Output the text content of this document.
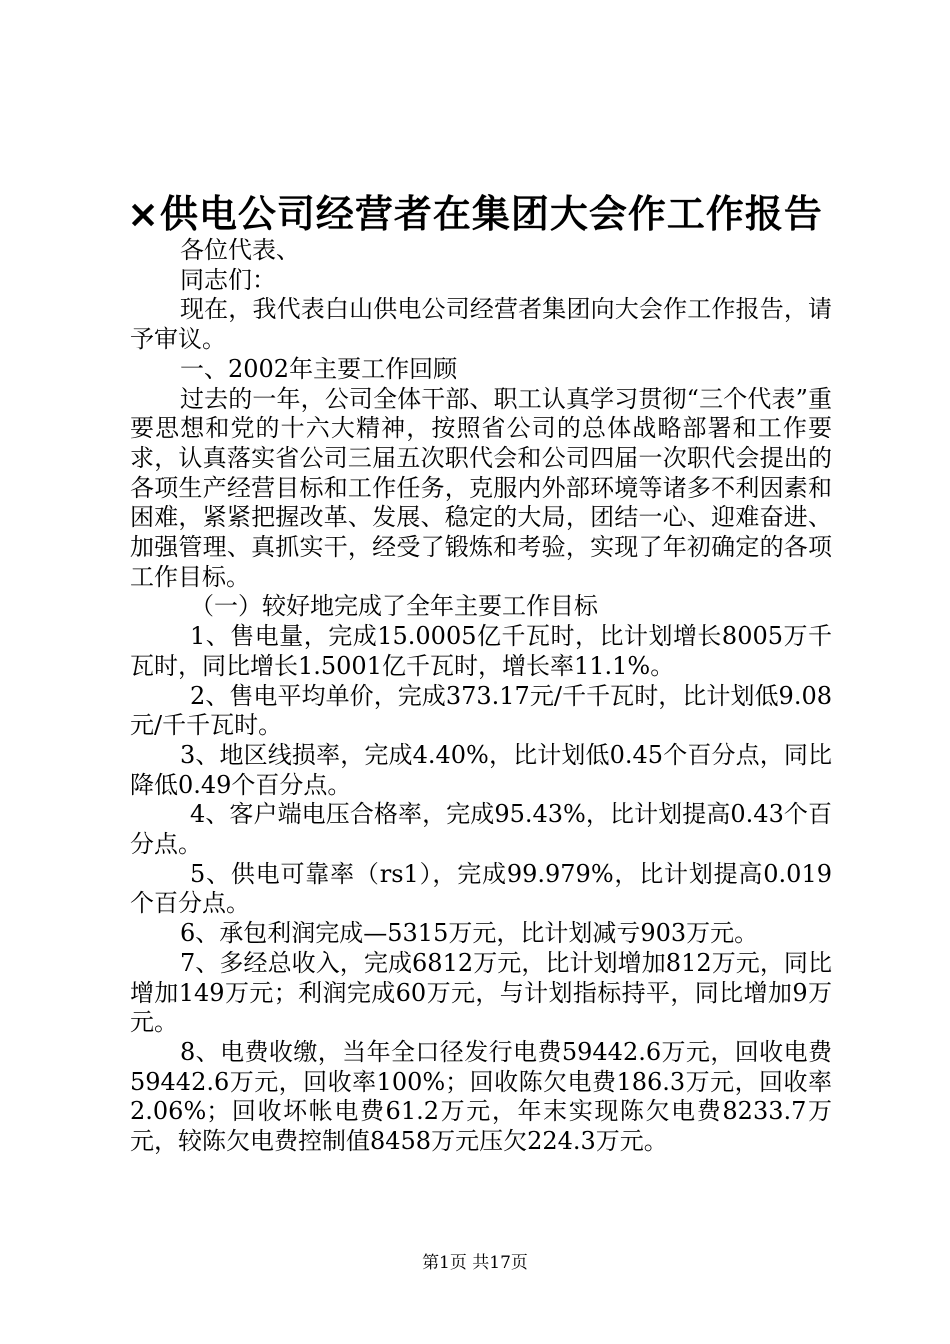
×供电公司经营者在集团大会作工作报告

各位代表、

同志们：

现在，我代表白山供电公司经营者集团向大会作工作报告，请予审议。

一、2002年主要工作回顾

过去的一年，公司全体干部、职工认真学习贯彻“三个代表”重要思想和党的十六大精神，按照省公司的总体战略部署和工作要求，认真落实省公司三届五次职代会和公司四届一次职代会提出的各项生产经营目标和工作任务，克服内外部环境等诸多不利因素和困难，紧紧把握改革、发展、稳定的大局，团结一心、迎难奋进、加强管理、真抓实干，经受了锻炼和考验，实现了年初确定的各项工作目标。

（一）较好地完成了全年主要工作目标

1、售电量，完成15.0005亿千瓦时，比计划增长8005万千瓦时，同比增长1.5001亿千瓦时，增长率11.1%。

2、售电平均单价，完成373.17元/千千瓦时，比计划低9.08元/千千瓦时。

3、地区线损率，完成4.40%，比计划低0.45个百分点，同比降低0.49个百分点。

4、客户端电压合格率，完成95.43%，比计划提高0.43个百分点。

5、供电可靠率（rs1），完成99.979%，比计划提高0.019个百分点。

6、承包利润完成—5315万元，比计划减亏903万元。

7、多经总收入，完成6812万元，比计划增加812万元，同比增加149万元；利润完成60万元，与计划指标持平，同比增加9万元。

8、电费收缴，当年全口径发行电费59442.6万元，回收电费59442.6万元，回收率100%；回收陈欠电费186.3万元，回收率2.06%；回收坏帐电费61.2万元，年末实现陈欠电费8233.7万元，较陈欠电费控制值8458万元压欠224.3万元。

第1页 共17页
